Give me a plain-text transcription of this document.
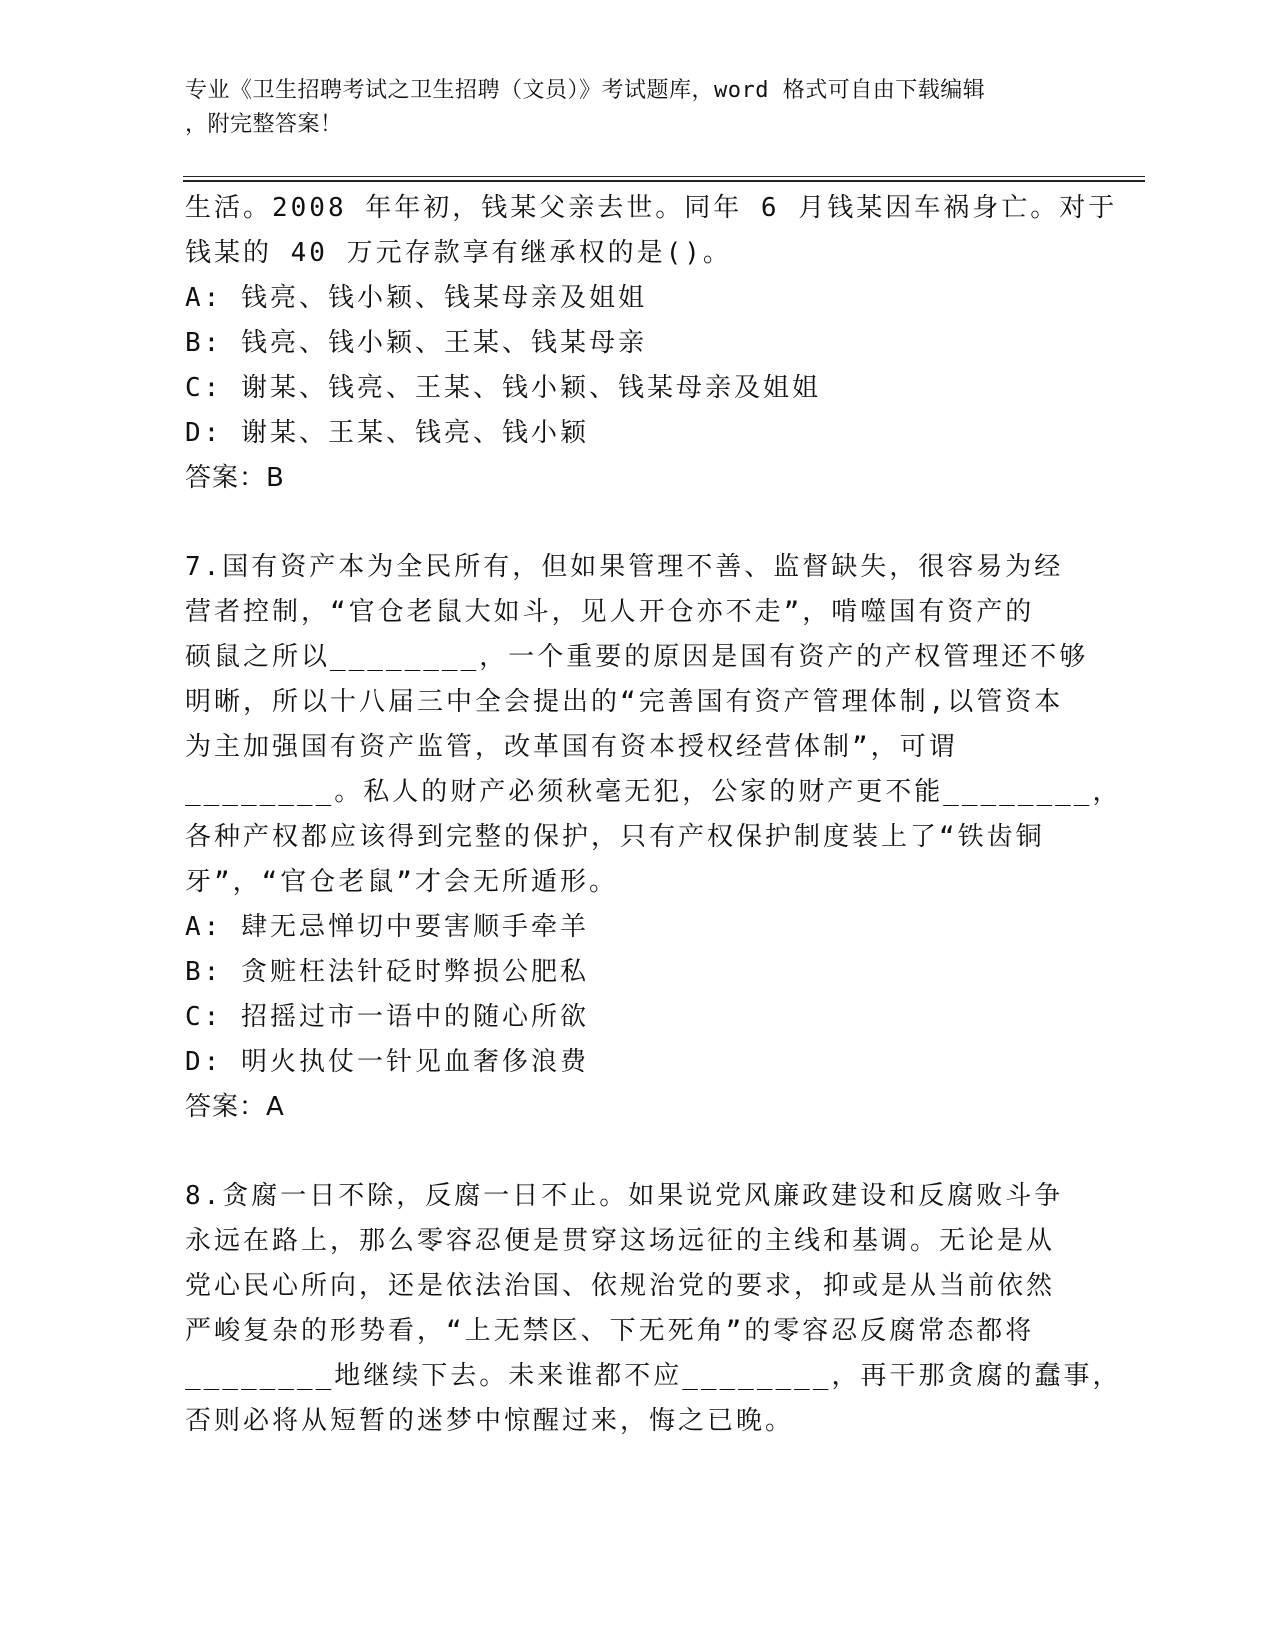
专业《卫生招聘考试之卫生招聘（文员）》考试题库，word 格式可自由下载编辑
，附完整答案！
生活。2008 年年初，钱某父亲去世。同年 6 月钱某因车祸身亡。对于
钱某的 40 万元存款享有继承权的是()。
A: 钱亮、钱小颖、钱某母亲及姐姐
B: 钱亮、钱小颖、王某、钱某母亲
C: 谢某、钱亮、王某、钱小颖、钱某母亲及姐姐
D: 谢某、王某、钱亮、钱小颖
答案：B
7.国有资产本为全民所有，但如果管理不善、监督缺失，很容易为经
营者控制，“官仓老鼠大如斗，见人开仓亦不走”，啃噬国有资产的
硕鼠之所以________，一个重要的原因是国有资产的产权管理还不够
明晰，所以十八届三中全会提出的“完善国有资产管理体制,以管资本
为主加强国有资产监管，改革国有资本授权经营体制”，可谓
________。私人的财产必须秋毫无犯，公家的财产更不能________，
各种产权都应该得到完整的保护，只有产权保护制度装上了“铁齿铜
牙”，“官仓老鼠”才会无所遁形。
A: 肆无忌惮切中要害顺手牵羊
B: 贪赃枉法针砭时弊损公肥私
C: 招摇过市一语中的随心所欲
D: 明火执仗一针见血奢侈浪费
答案：A
8.贪腐一日不除，反腐一日不止。如果说党风廉政建设和反腐败斗争
永远在路上，那么零容忍便是贯穿这场远征的主线和基调。无论是从
党心民心所向，还是依法治国、依规治党的要求，抑或是从当前依然
严峻复杂的形势看，“上无禁区、下无死角”的零容忍反腐常态都将
________地继续下去。未来谁都不应________，再干那贪腐的蠢事，
否则必将从短暂的迷梦中惊醒过来，悔之已晚。
